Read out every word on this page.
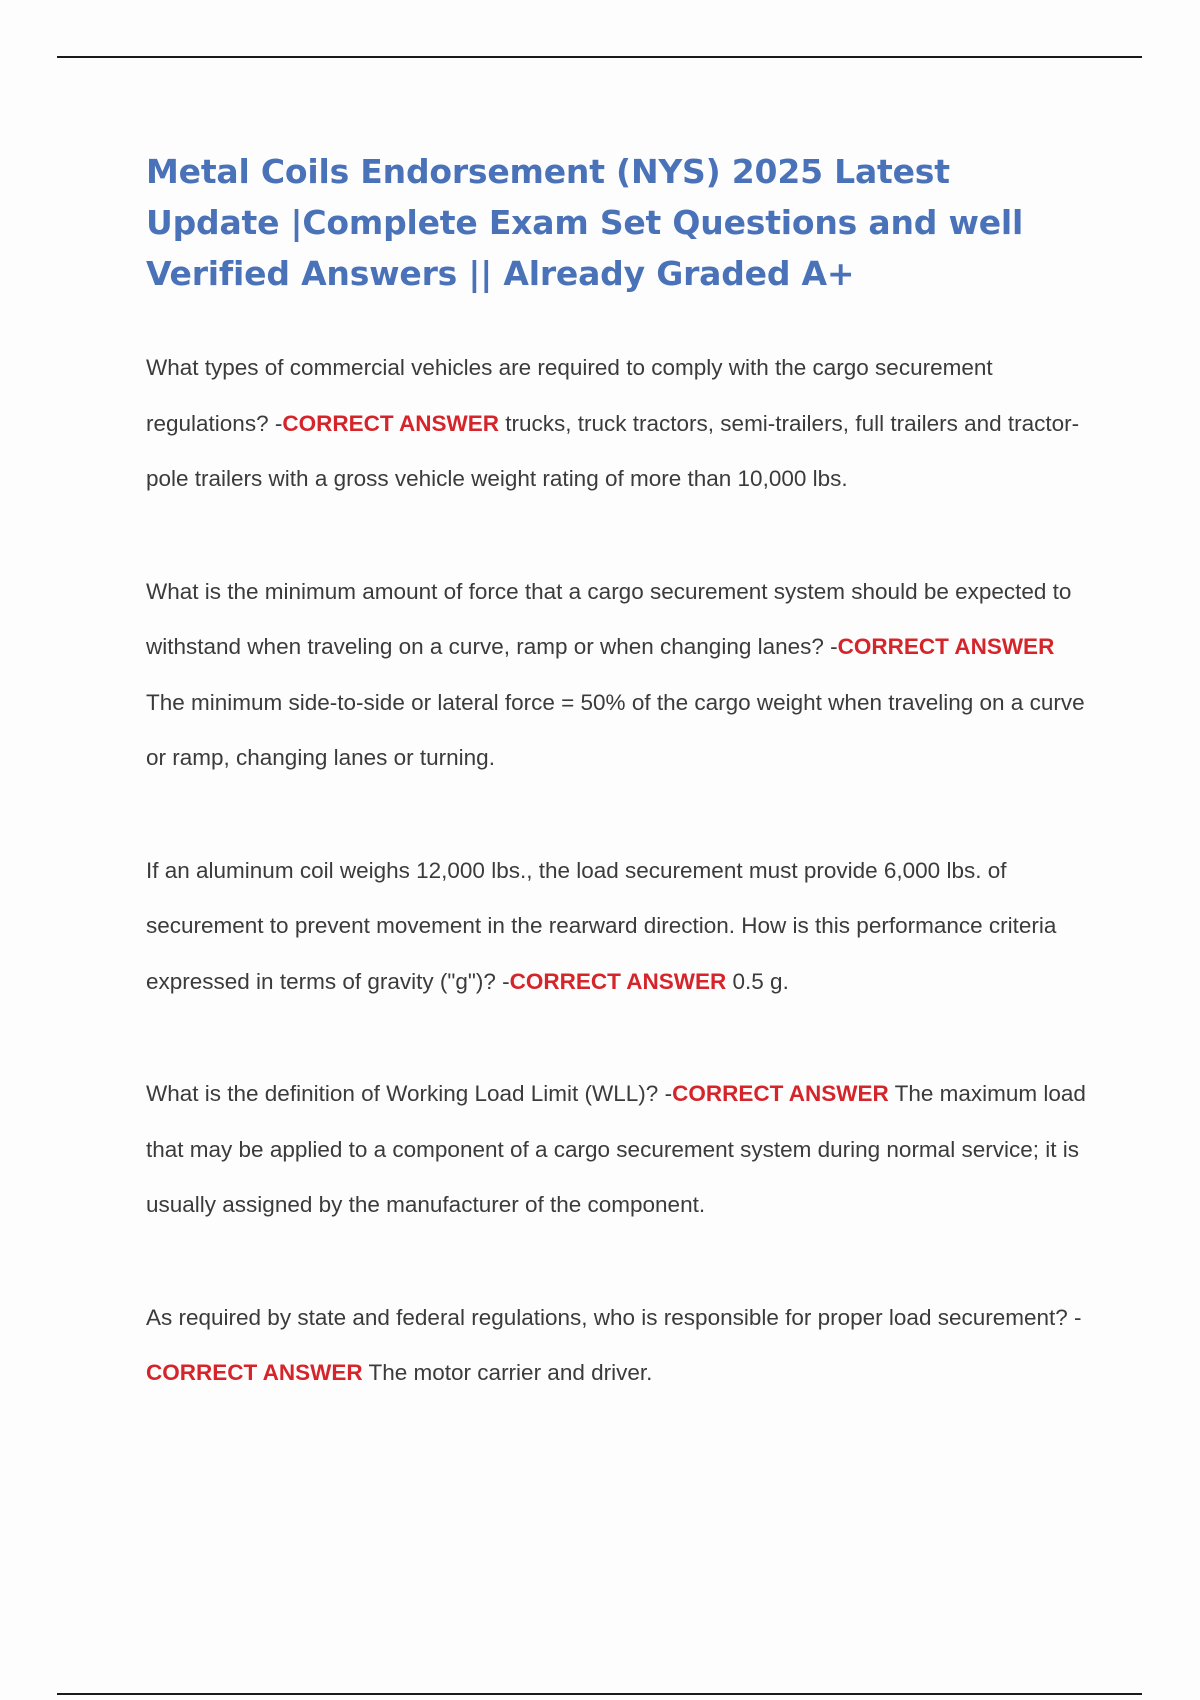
Metal Coils Endorsement (NYS) 2025 Latest Update |Complete Exam Set Questions and well Verified Answers || Already Graded A+

What types of commercial vehicles are required to comply with the cargo securement regulations? -CORRECT ANSWER trucks, truck tractors, semi-trailers, full trailers and tractor-pole trailers with a gross vehicle weight rating of more than 10,000 lbs.

What is the minimum amount of force that a cargo securement system should be expected to withstand when traveling on a curve, ramp or when changing lanes? -CORRECT ANSWER The minimum side-to-side or lateral force = 50% of the cargo weight when traveling on a curve or ramp, changing lanes or turning.

If an aluminum coil weighs 12,000 lbs., the load securement must provide 6,000 lbs. of securement to prevent movement in the rearward direction. How is this performance criteria expressed in terms of gravity ("g")? -CORRECT ANSWER 0.5 g.

What is the definition of Working Load Limit (WLL)? -CORRECT ANSWER The maximum load that may be applied to a component of a cargo securement system during normal service; it is usually assigned by the manufacturer of the component.

As required by state and federal regulations, who is responsible for proper load securement? -CORRECT ANSWER The motor carrier and driver.
